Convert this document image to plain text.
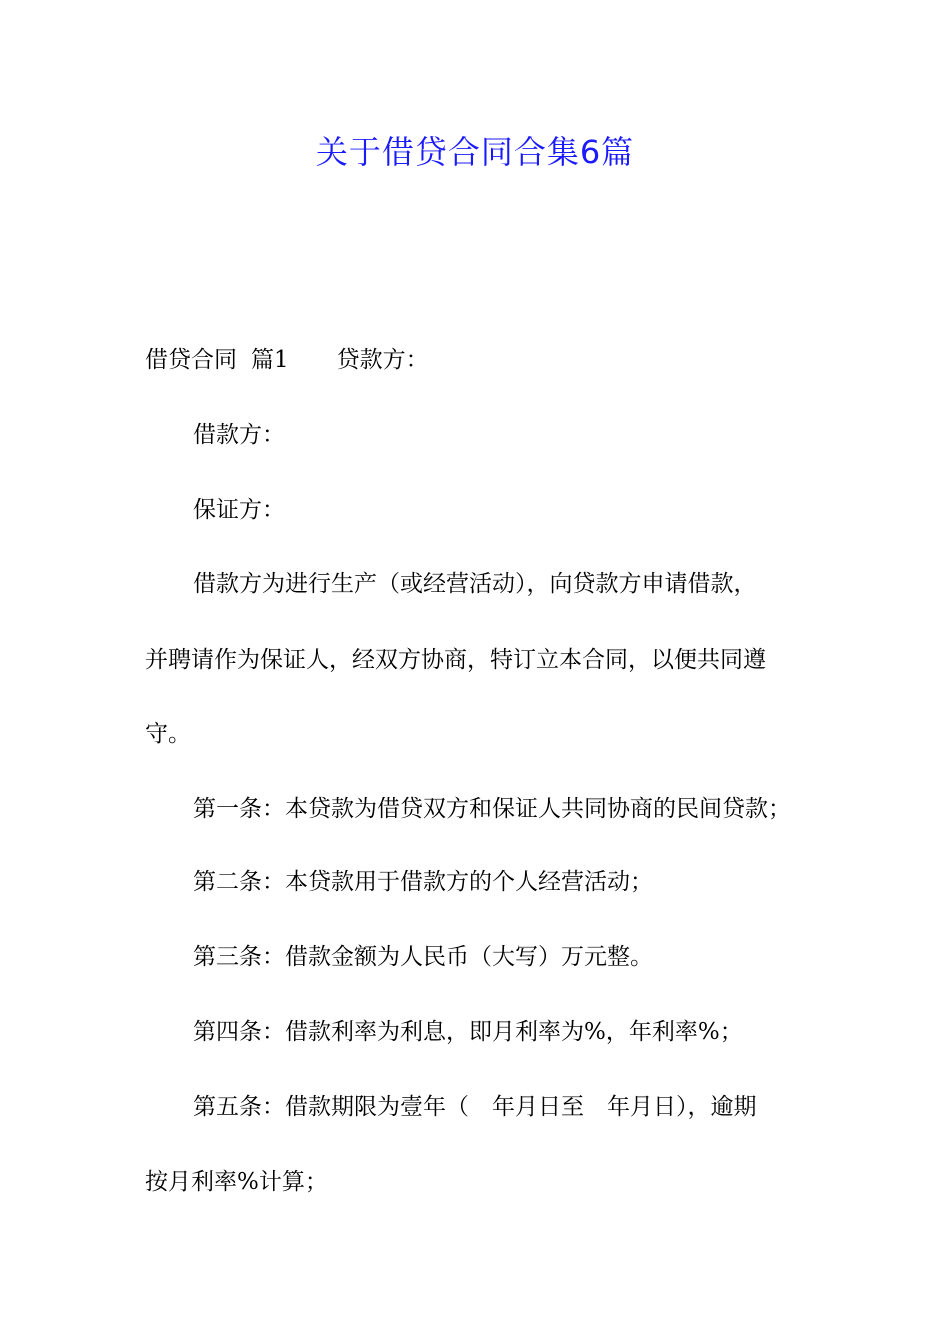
关于借贷合同合集6篇
借贷合同 篇1 贷款方：
借款方：
保证方：
借款方为进行生产（或经营活动），向贷款方申请借款，
并聘请作为保证人，经双方协商，特订立本合同，以便共同遵
守。
第一条：本贷款为借贷双方和保证人共同协商的民间贷款；
第二条：本贷款用于借款方的个人经营活动；
第三条：借款金额为人民币（大写）万元整。
第四条：借款利率为利息，即月利率为%，年利率%；
第五条：借款期限为壹年（　年月日至　年月日），逾期
按月利率%计算；
